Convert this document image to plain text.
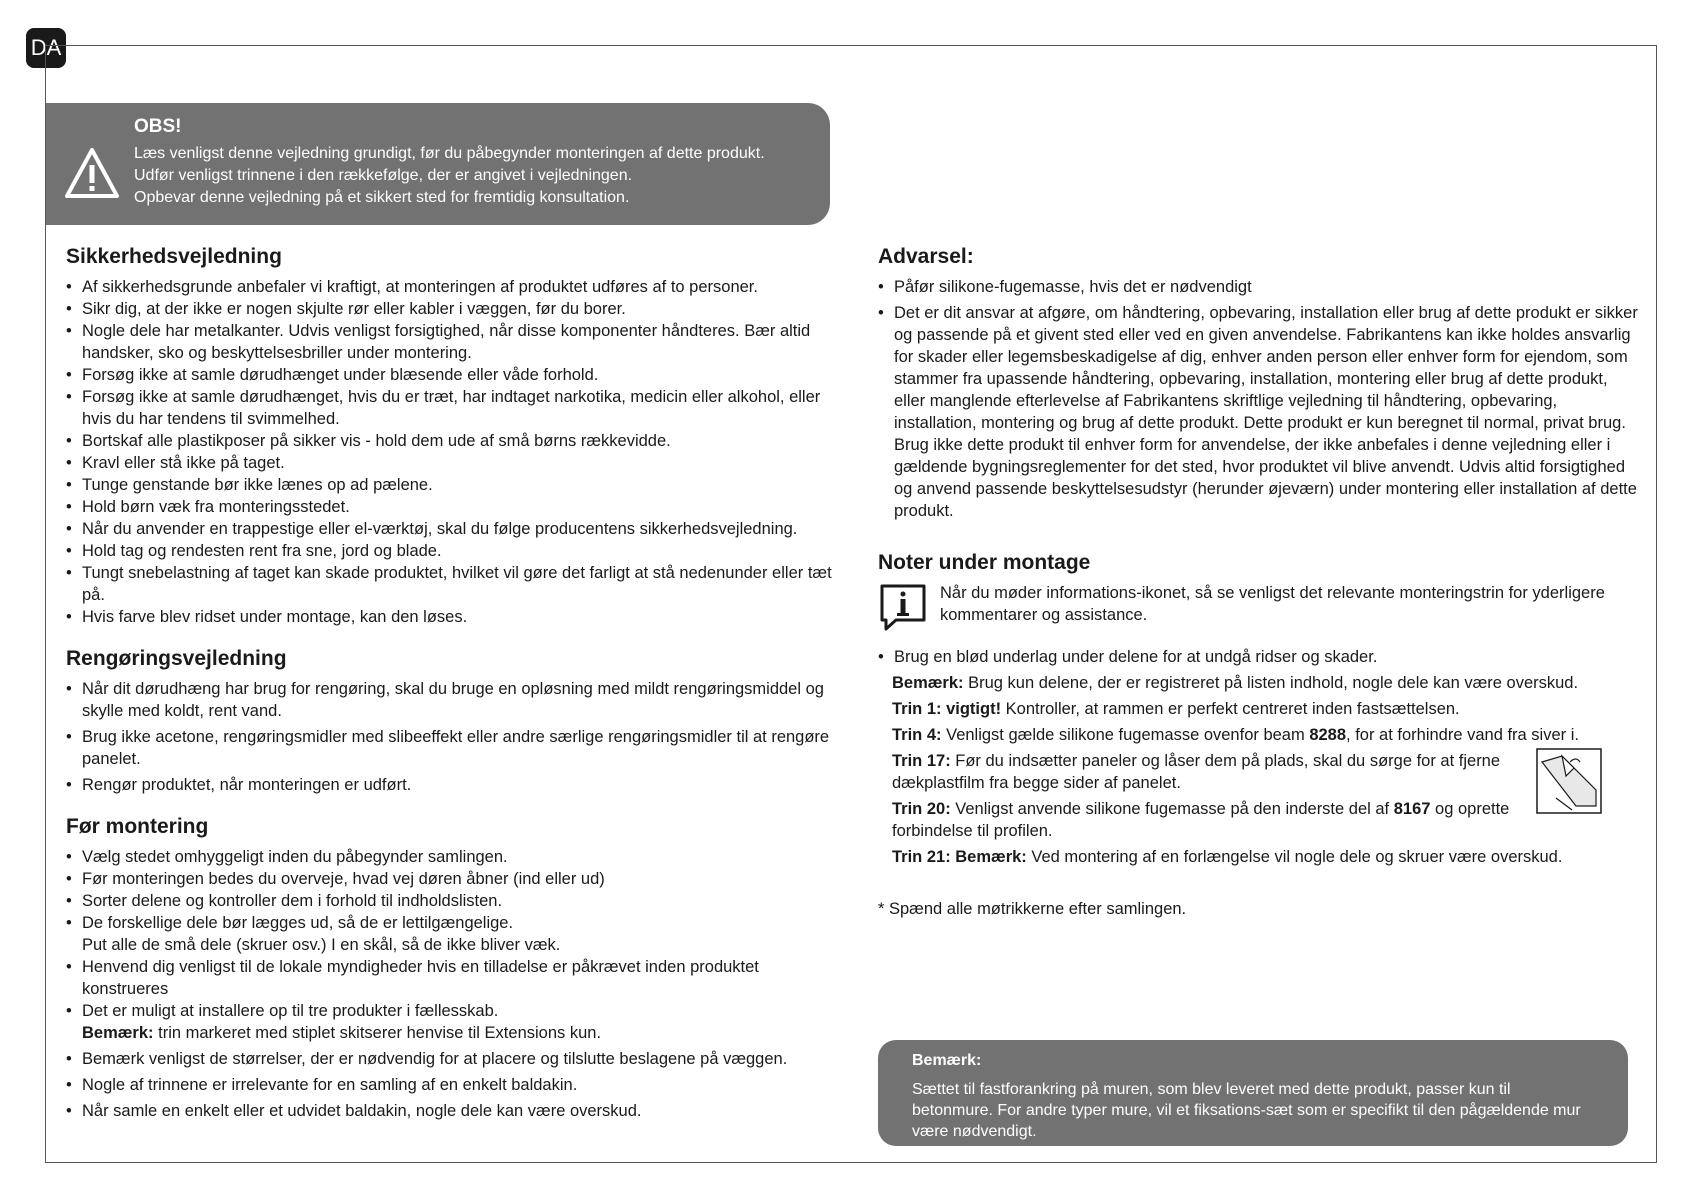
DA
OBS!
Læs venligst denne vejledning grundigt, før du påbegynder monteringen af dette produkt.
Udfør venligst trinnene i den rækkefølge, der er angivet i vejledningen.
Opbevar denne vejledning på et sikkert sted for fremtidig konsultation.
Sikkerhedsvejledning
• Af sikkerhedsgrunde anbefaler vi kraftigt, at monteringen af produktet udføres af to personer.
• Sikr dig, at der ikke er nogen skjulte rør eller kabler i væggen, før du borer.
• Nogle dele har metalkanter. Udvis venligst forsigtighed, når disse komponenter håndteres. Bær altid handsker, sko og beskyttelsesbriller under montering.
• Forsøg ikke at samle dørudhænget under blæsende eller våde forhold.
• Forsøg ikke at samle dørudhænget, hvis du er træt, har indtaget narkotika, medicin eller alkohol, eller hvis du har tendens til svimmelhed.
• Bortskaf alle plastikposer på sikker vis - hold dem ude af små børns rækkevidde.
• Kravl eller stå ikke på taget.
• Tunge genstande bør ikke lænes op ad pælene.
• Hold børn væk fra monteringsstedet.
• Når du anvender en trappestige eller el-værktøj, skal du følge producentens sikkerhedsvejledning.
• Hold tag og rendesten rent fra sne, jord og blade.
• Tungt snebelastning af taget kan skade produktet, hvilket vil gøre det farligt at stå nedenunder eller tæt på.
• Hvis farve blev ridset under montage, kan den løses.
Rengøringsvejledning
• Når dit dørudhæng har brug for rengøring, skal du bruge en opløsning med mildt rengøringsmiddel og skylle med koldt, rent vand.
• Brug ikke acetone, rengøringsmidler med slibeeffekt eller andre særlige rengøringsmidler til at rengøre panelet.
• Rengør produktet, når monteringen er udført.
Før montering
• Vælg stedet omhyggeligt inden du påbegynder samlingen.
• Før monteringen bedes du overveje, hvad vej døren åbner (ind eller ud)
• Sorter delene og kontroller dem i forhold til indholdslisten.
• De forskellige dele bør lægges ud, så de er lettilgængelige.
Put alle de små dele (skruer osv.) I en skål, så de ikke bliver væk.
• Henvend dig venligst til de lokale myndigheder hvis en tilladelse er påkrævet inden produktet konstrueres
• Det er muligt at installere op til tre produkter i fællesskab.
Bemærk: trin markeret med stiplet skitserer henvise til Extensions kun.
• Bemærk venligst de størrelser, der er nødvendig for at placere og tilslutte beslagene på væggen.
• Nogle af trinnene er irrelevante for en samling af en enkelt baldakin.
• Når samle en enkelt eller et udvidet baldakin, nogle dele kan være overskud.
Advarsel:
• Påfør silikone-fugemasse, hvis det er nødvendigt
• Det er dit ansvar at afgøre, om håndtering, opbevaring, installation eller brug af dette produkt er sikker og passende på et givent sted eller ved en given anvendelse. Fabrikantens kan ikke holdes ansvarlig for skader eller legemsbeskadigelse af dig, enhver anden person eller enhver form for ejendom, som stammer fra upassende håndtering, opbevaring, installation, montering eller brug af dette produkt, eller manglende efterlevelse af Fabrikantens skriftlige vejledning til håndtering, opbevaring, installation, montering og brug af dette produkt. Dette produkt er kun beregnet til normal, privat brug. Brug ikke dette produkt til enhver form for anvendelse, der ikke anbefales i denne vejledning eller i gældende bygningsreglementer for det sted, hvor produktet vil blive anvendt. Udvis altid forsigtighed og anvend passende beskyttelsesudstyr (herunder øjeværn) under montering eller installation af dette produkt.
Noter under montage
Når du møder informations-ikonet, så se venligst det relevante monteringstrin for yderligere kommentarer og assistance.
• Brug en blød underlag under delene for at undgå ridser og skader.
Bemærk: Brug kun delene, der er registreret på listen indhold, nogle dele kan være overskud.
Trin 1: vigtigt! Kontroller, at rammen er perfekt centreret inden fastsættelsen.
Trin 4: Venligst gælde silikone fugemasse ovenfor beam 8288, for at forhindre vand fra siver i.
Trin 17: Før du indsætter paneler og låser dem på plads, skal du sørge for at fjerne dækplastfilm fra begge sider af panelet.
Trin 20: Venligst anvende silikone fugemasse på den inderste del af 8167 og oprette forbindelse til profilen.
Trin 21: Bemærk: Ved montering af en forlængelse vil nogle dele og skruer være overskud.
* Spænd alle møtrikkerne efter samlingen.
Bemærk:
Sættet til fastforankring på muren, som blev leveret med dette produkt, passer kun til betonmure. For andre typer mure, vil et fiksations-sæt som er specifikt til den pågældende mur være nødvendigt.
